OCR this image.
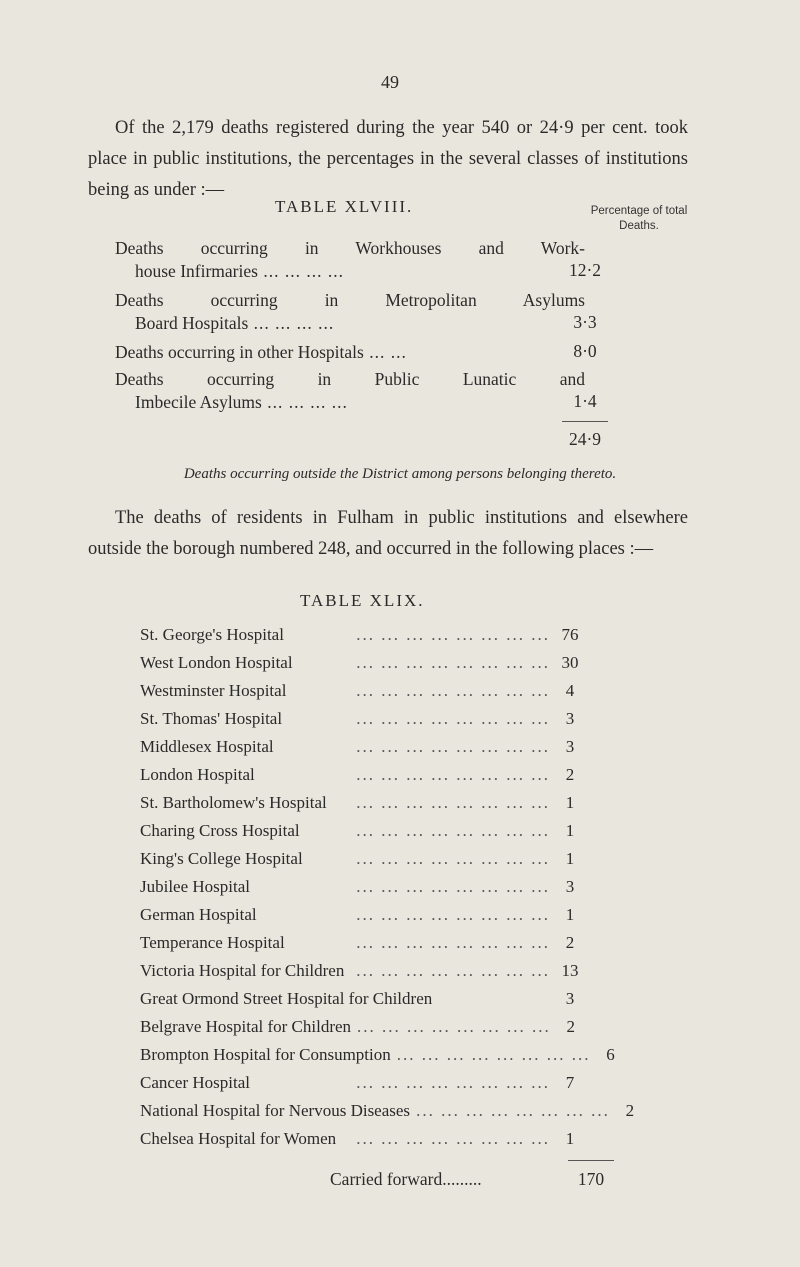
49

Of the 2,179 deaths registered during the year 540 or 24·9 per cent. took place in public institutions, the percentages in the several classes of institutions being as under :—

TABLE XLVIII.	Percentage of total Deaths.
Deaths occurring in Workhouses and Work-
house Infirmaries ... ... ... ...	12·2
Deaths occurring in Metropolitan Asylums
Board Hospitals ... ... ... ...	3·3
Deaths occurring in other Hospitals ... ...	8·0
Deaths occurring in Public Lunatic and
Imbecile Asylums ... ... ... ...	1·4
24·9
Deaths occurring outside the District among persons belonging thereto.

The deaths of residents in Fulham in public institutions and elsewhere outside the borough numbered 248, and occurred in the following places :—

TABLE XLIX.
St. George's Hospital	... ... ... ... ... ... ... ... 76
West London Hospital	... ... ... ... ... ... ... ... 30
Westminster Hospital	... ... ... ... ... ... ... ... 4
St. Thomas' Hospital	... ... ... ... ... ... ... ... 3
Middlesex Hospital	... ... ... ... ... ... ... ... 3
London Hospital	... ... ... ... ... ... ... ... 2
St. Bartholomew's Hospital	... ... ... ... ... ... ... ... 1
Charing Cross Hospital	... ... ... ... ... ... ... ... 1
King's College Hospital	... ... ... ... ... ... ... ... 1
Jubilee Hospital	... ... ... ... ... ... ... ... 3
German Hospital	... ... ... ... ... ... ... ... 1
Temperance Hospital	... ... ... ... ... ... ... ... 2
Victoria Hospital for Children ... ... ... ... ... ... ... ... 13
Great Ormond Street Hospital for Children	3
Belgrave Hospital for Children ... ... ... ... ... ... ... ... 2
Brompton Hospital for Consumption ... ... ... ... ... ... ... ... 6
Cancer Hospital	... ... ... ... ... ... ... ... 7
National Hospital for Nervous Diseases ... ... ... ... ... ... ... ... 2
Chelsea Hospital for Women	... ... ... ... ... ... ... ... 1
Carried forward.........	170
